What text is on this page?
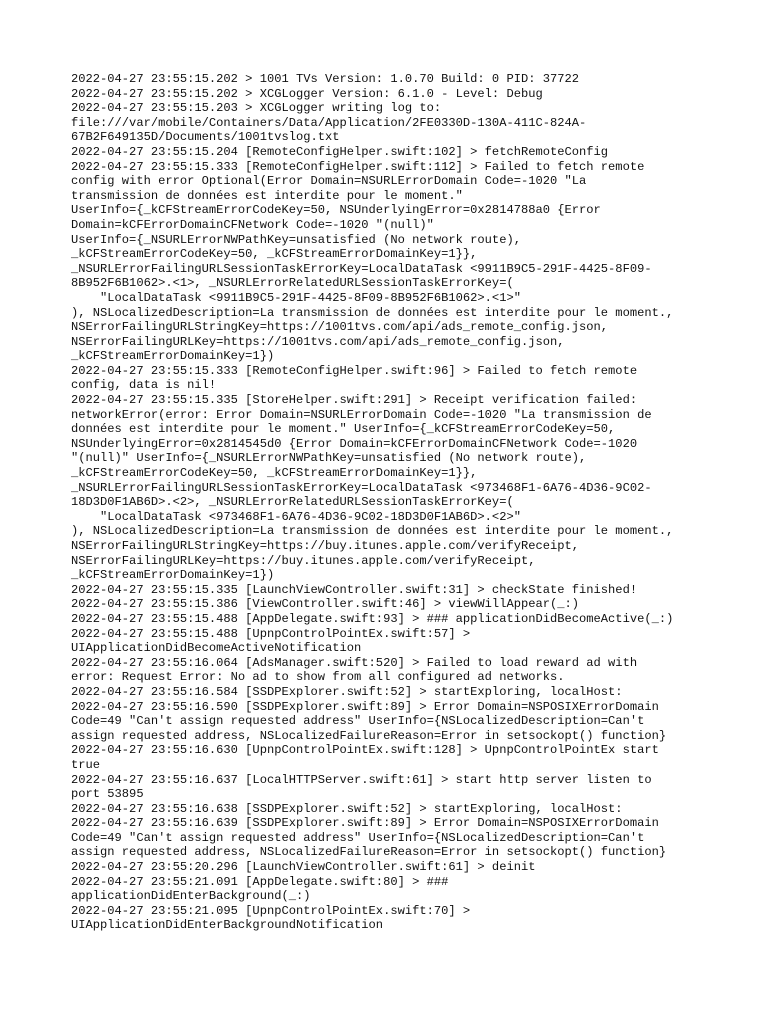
2022-04-27 23:55:15.202 > 1001 TVs Version: 1.0.70 Build: 0 PID: 37722
2022-04-27 23:55:15.202 > XCGLogger Version: 6.1.0 - Level: Debug
2022-04-27 23:55:15.203 > XCGLogger writing log to:
file:///var/mobile/Containers/Data/Application/2FE0330D-130A-411C-824A-
67B2F649135D/Documents/1001tvslog.txt
2022-04-27 23:55:15.204 [RemoteConfigHelper.swift:102] > fetchRemoteConfig
2022-04-27 23:55:15.333 [RemoteConfigHelper.swift:112] > Failed to fetch remote
config with error Optional(Error Domain=NSURLErrorDomain Code=-1020 "La
transmission de données est interdite pour le moment."
UserInfo={_kCFStreamErrorCodeKey=50, NSUnderlyingError=0x2814788a0 {Error
Domain=kCFErrorDomainCFNetwork Code=-1020 "(null)"
UserInfo={_NSURLErrorNWPathKey=unsatisfied (No network route),
_kCFStreamErrorCodeKey=50, _kCFStreamErrorDomainKey=1}},
_NSURLErrorFailingURLSessionTaskErrorKey=LocalDataTask <9911B9C5-291F-4425-8F09-
8B952F6B1062>.<1>, _NSURLErrorRelatedURLSessionTaskErrorKey=(
"LocalDataTask <9911B9C5-291F-4425-8F09-8B952F6B1062>.<1>"
), NSLocalizedDescription=La transmission de données est interdite pour le moment.,
NSErrorFailingURLStringKey=https://1001tvs.com/api/ads_remote_config.json,
NSErrorFailingURLKey=https://1001tvs.com/api/ads_remote_config.json,
_kCFStreamErrorDomainKey=1})
2022-04-27 23:55:15.333 [RemoteConfigHelper.swift:96] > Failed to fetch remote
config, data is nil!
2022-04-27 23:55:15.335 [StoreHelper.swift:291] > Receipt verification failed:
networkError(error: Error Domain=NSURLErrorDomain Code=-1020 "La transmission de
données est interdite pour le moment." UserInfo={_kCFStreamErrorCodeKey=50,
NSUnderlyingError=0x2814545d0 {Error Domain=kCFErrorDomainCFNetwork Code=-1020
"(null)" UserInfo={_NSURLErrorNWPathKey=unsatisfied (No network route),
_kCFStreamErrorCodeKey=50, _kCFStreamErrorDomainKey=1}},
_NSURLErrorFailingURLSessionTaskErrorKey=LocalDataTask <973468F1-6A76-4D36-9C02-
18D3D0F1AB6D>.<2>, _NSURLErrorRelatedURLSessionTaskErrorKey=(
"LocalDataTask <973468F1-6A76-4D36-9C02-18D3D0F1AB6D>.<2>"
), NSLocalizedDescription=La transmission de données est interdite pour le moment.,
NSErrorFailingURLStringKey=https://buy.itunes.apple.com/verifyReceipt,
NSErrorFailingURLKey=https://buy.itunes.apple.com/verifyReceipt,
_kCFStreamErrorDomainKey=1})
2022-04-27 23:55:15.335 [LaunchViewController.swift:31] > checkState finished!
2022-04-27 23:55:15.386 [ViewController.swift:46] > viewWillAppear(_:)
2022-04-27 23:55:15.488 [AppDelegate.swift:93] > ### applicationDidBecomeActive(_:)
2022-04-27 23:55:15.488 [UpnpControlPointEx.swift:57] >
UIApplicationDidBecomeActiveNotification
2022-04-27 23:55:16.064 [AdsManager.swift:520] > Failed to load reward ad with
error: Request Error: No ad to show from all configured ad networks.
2022-04-27 23:55:16.584 [SSDPExplorer.swift:52] > startExploring, localHost:
2022-04-27 23:55:16.590 [SSDPExplorer.swift:89] > Error Domain=NSPOSIXErrorDomain
Code=49 "Can't assign requested address" UserInfo={NSLocalizedDescription=Can't
assign requested address, NSLocalizedFailureReason=Error in setsockopt() function}
2022-04-27 23:55:16.630 [UpnpControlPointEx.swift:128] > UpnpControlPointEx start
true
2022-04-27 23:55:16.637 [LocalHTTPServer.swift:61] > start http server listen to
port 53895
2022-04-27 23:55:16.638 [SSDPExplorer.swift:52] > startExploring, localHost:
2022-04-27 23:55:16.639 [SSDPExplorer.swift:89] > Error Domain=NSPOSIXErrorDomain
Code=49 "Can't assign requested address" UserInfo={NSLocalizedDescription=Can't
assign requested address, NSLocalizedFailureReason=Error in setsockopt() function}
2022-04-27 23:55:20.296 [LaunchViewController.swift:61] > deinit
2022-04-27 23:55:21.091 [AppDelegate.swift:80] > ###
applicationDidEnterBackground(_:)
2022-04-27 23:55:21.095 [UpnpControlPointEx.swift:70] >
UIApplicationDidEnterBackgroundNotification
